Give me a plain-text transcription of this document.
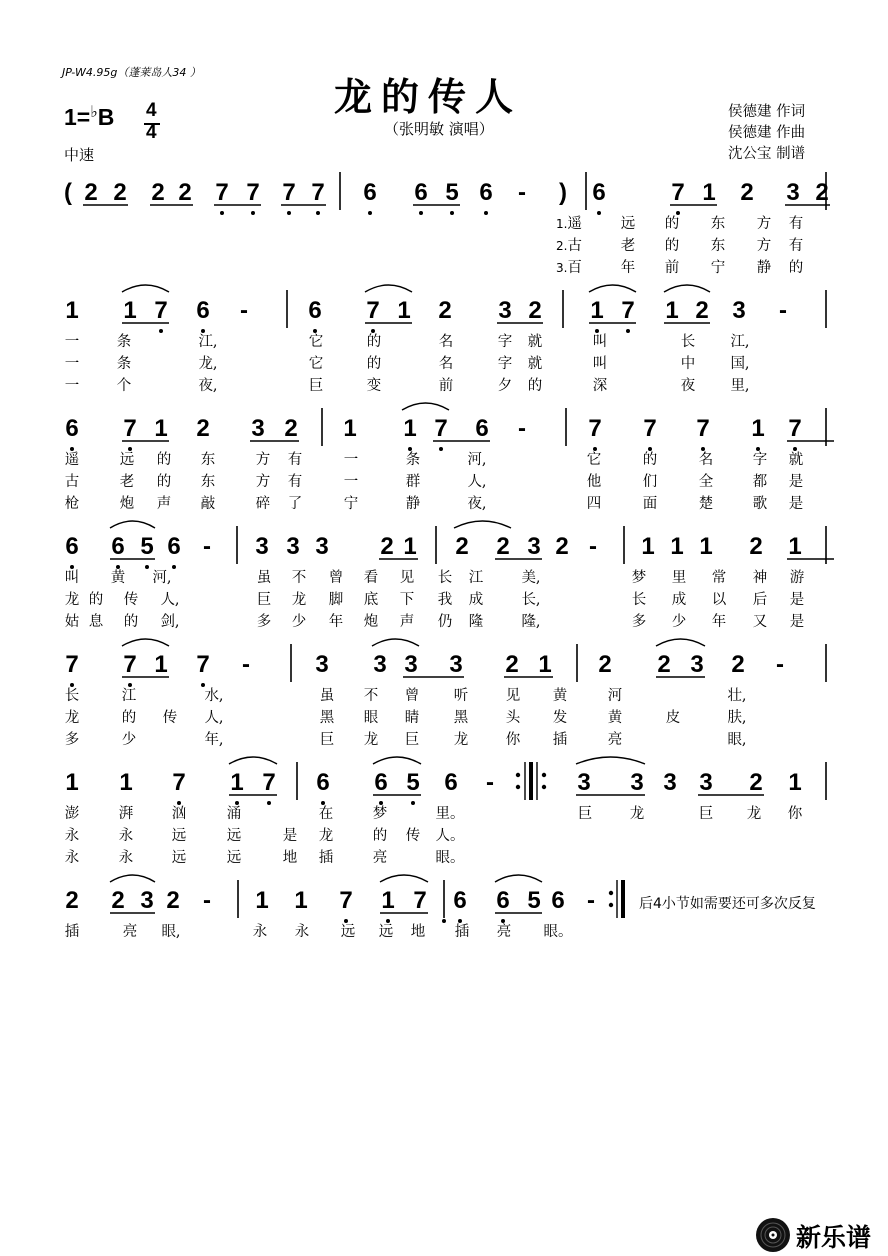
JP-W4.95g（蓬莱岛人34 ）
龙的传人
（张明敏 演唱）
1=♭B 4
4
中速
侯德建 作词
侯德建 作曲
沈公宝 制谱
( 2 2 2 2 7 7 7 7 6 6 5 6 - ) 6	7 1 2 3 2
1.遥	远 的 东 方 有
2.古	老 的 东 方 有
3.百	年 前 宁 静 的
1 1 7 6 -	6 7 1 2 3 2 1 7 1 2 3 -
一	条	江,	它	的	名	字 就	叫	长 江,
一	条	龙,	它	的	名	字 就	叫	中 国,
一	个	夜,	巨	变	前	夕 的	深	夜 里,
6 7 1 2 3 2 1 1 7 6 -	7 7 7 1 7
遥	远 的 东	方 有	一	条	河,	它	的	名	字 就
古	老 的 东	方 有	一	群	人,	他	们	全	都 是
枪	炮 声 敲	碎 了	宁	静	夜,	四	面	楚	歌 是
6 6 5 6 - 3 3 3 2 1 2 2 3 2 - 1 1 1 2 1
叫 黄 河,	虽 不 曾 看 见 长 江	美,	梦 里 常 神 游
龙 的 传 人,	巨 龙 脚 底 下 我 成	长,	长 成 以 后 是
姑 息 的 剑,	多 少 年 炮 声 仍 隆	隆,	多 少 年 又 是
7 7 1 7 -	3 3 3 3 2 1 2 2 3 2 -
长	江	水,	虽 不 曾 听	见 黄	河	壮,
龙	的 传 人,	黑 眼 睛 黑	头 发	黄	皮	肤,
多	少	年,	巨 龙 巨 龙	你 插	亮	眼,
1 1 7 1 7 6 6 5 6 -	3 3 3 3 2 1
澎	湃	汹	涌	在	梦	里。	巨	龙	巨 龙 你
永	永	远	远	是 龙	的 传 人。
永	永	远	远	地 插	亮	眼。
2 2 3 2 - 1 1 7 1 7 6 6 5 6 -
插	亮 眼,	永 永 远 远 地 插 亮 眼。
后4小节如需要还可多次反复
新乐谱
